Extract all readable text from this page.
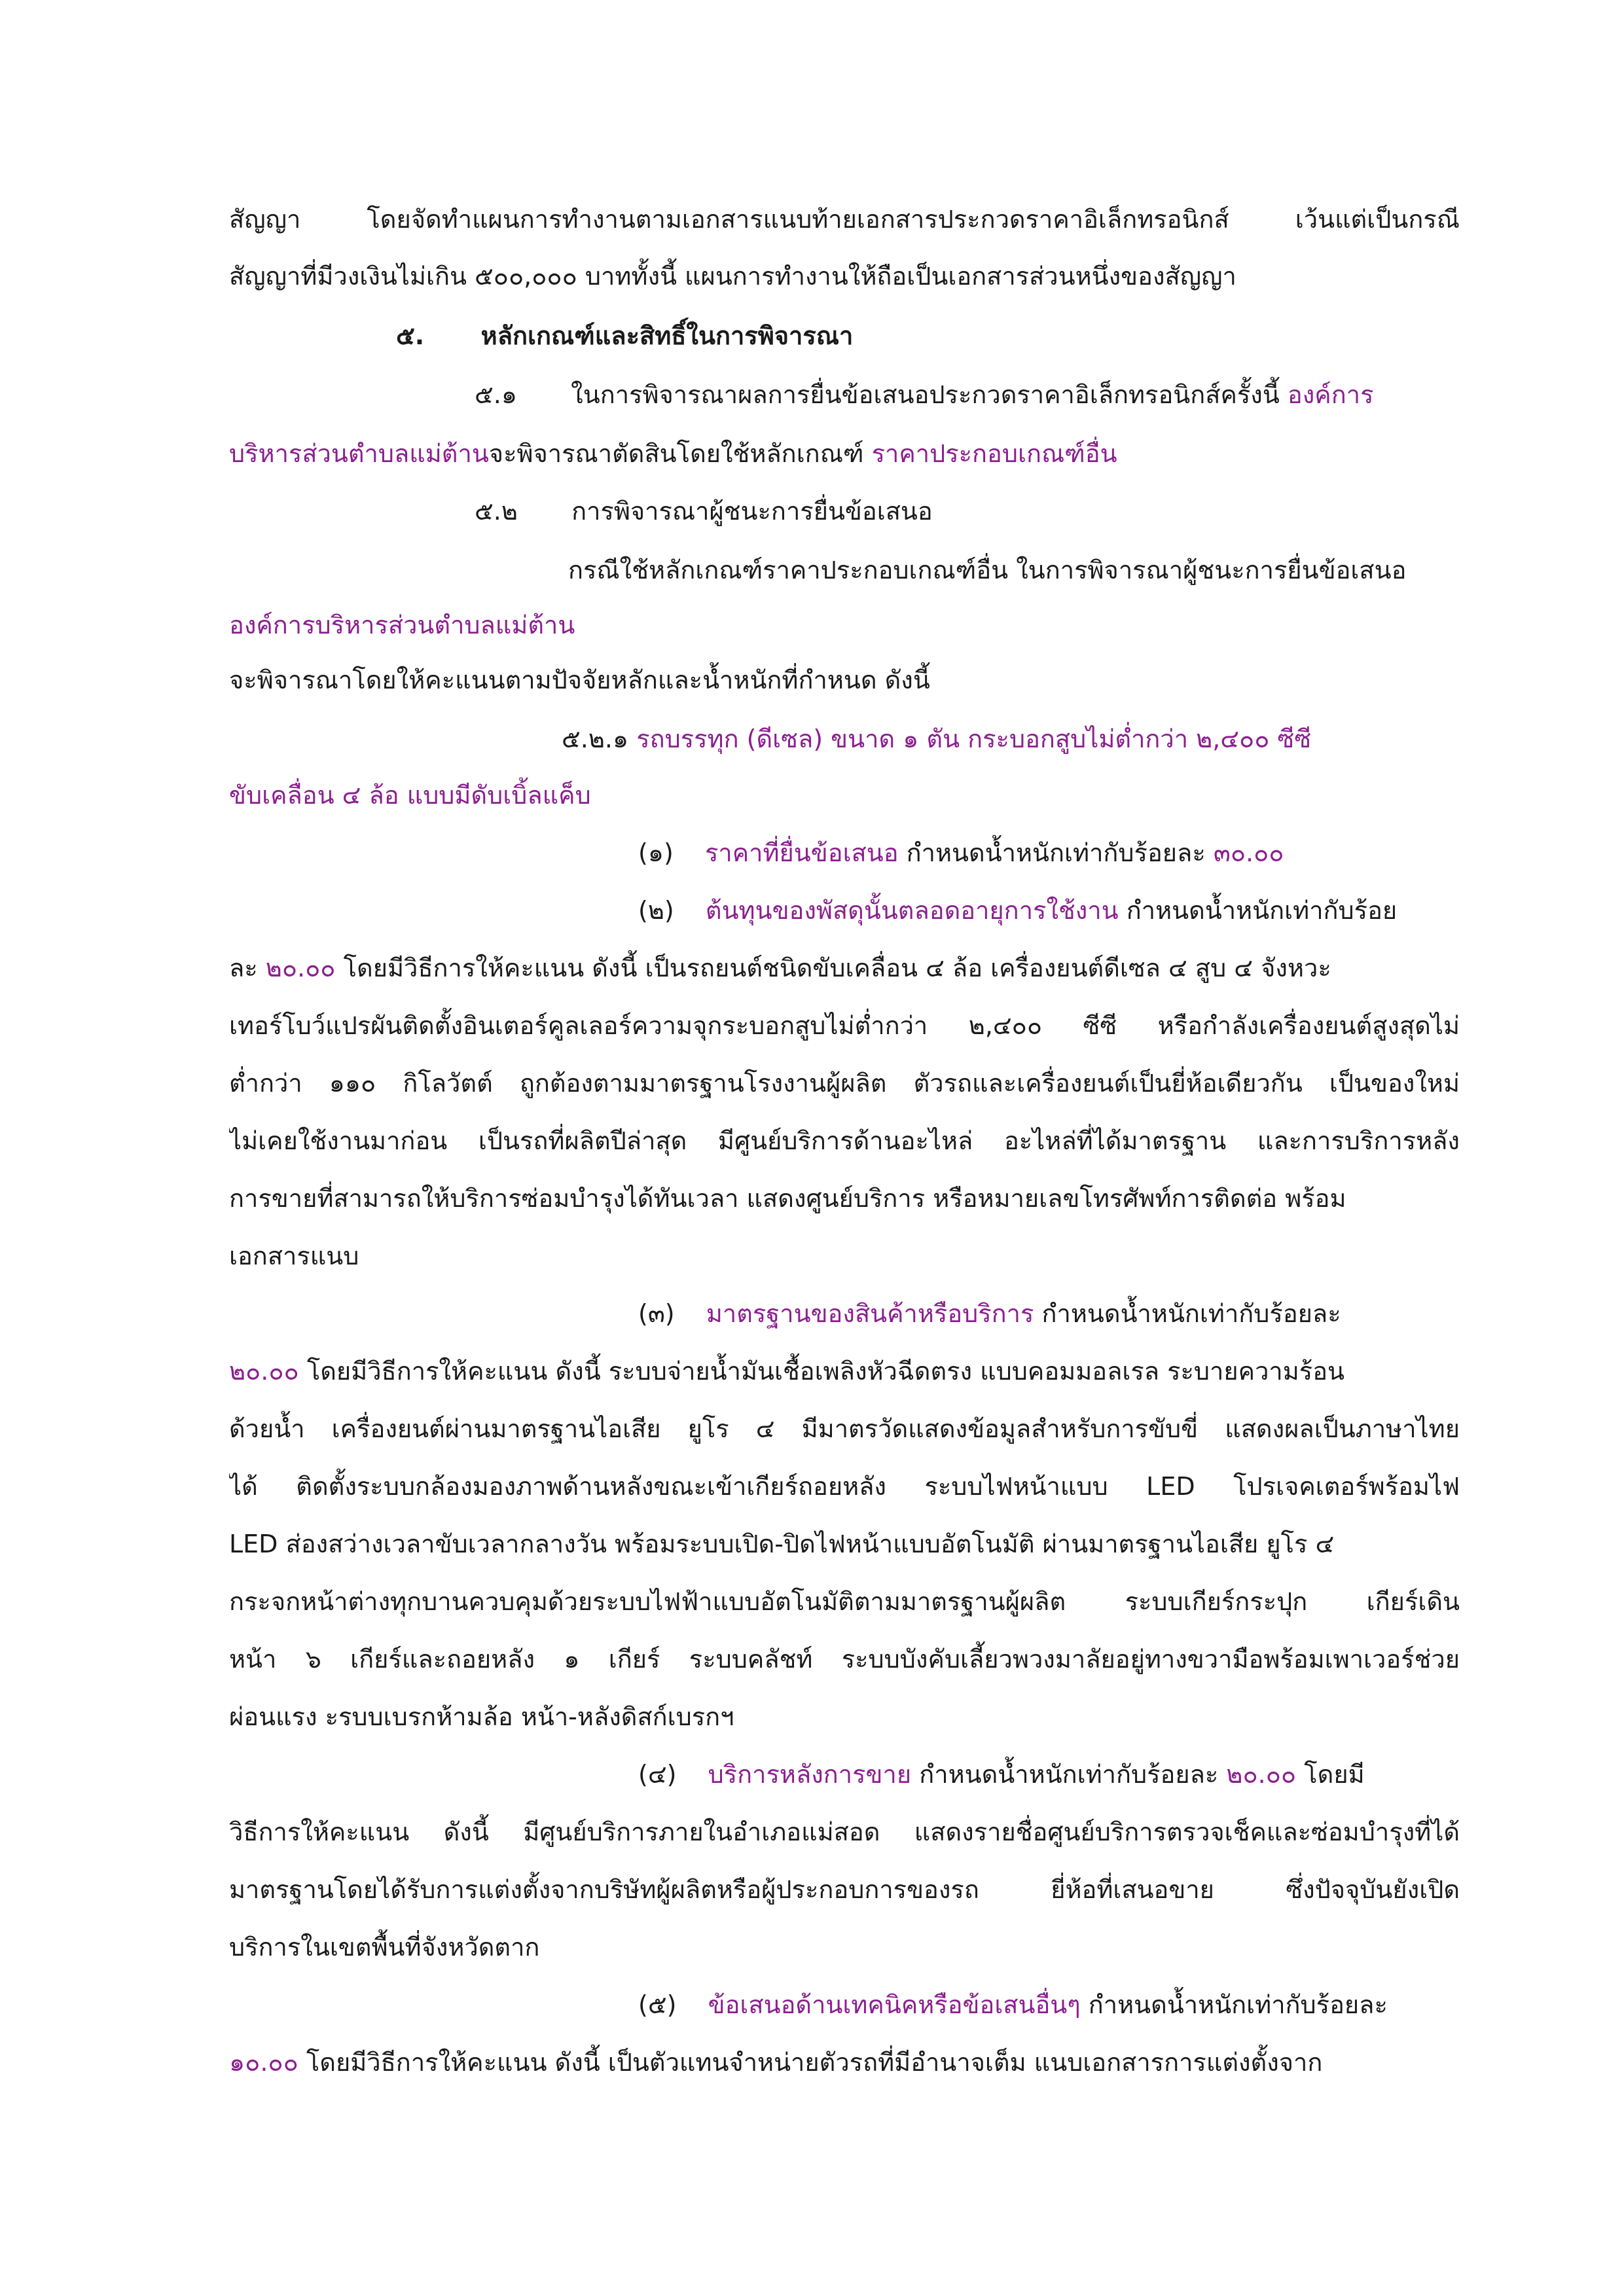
สัญญา โดยจัดทำแผนการทำงานตามเอกสารแนบท้ายเอกสารประกวดราคาอิเล็กทรอนิกส์ เว้นแต่เป็นกรณี
สัญญาที่มีวงเงินไม่เกิน ๕๐๐,๐๐๐ บาททั้งนี้ แผนการทำงานให้ถือเป็นเอกสารส่วนหนึ่งของสัญญา
๕. หลักเกณฑ์และสิทธิ์ในการพิจารณา
๕.๑ ในการพิจารณาผลการยื่นข้อเสนอประกวดราคาอิเล็กทรอนิกส์ครั้งนี้ องค์การ
บริหารส่วนตำบลแม่ต้านจะพิจารณาตัดสินโดยใช้หลักเกณฑ์ ราคาประกอบเกณฑ์อื่น
๕.๒ การพิจารณาผู้ชนะการยื่นข้อเสนอ
กรณีใช้หลักเกณฑ์ราคาประกอบเกณฑ์อื่น ในการพิจารณาผู้ชนะการยื่นข้อเสนอ
องค์การบริหารส่วนตำบลแม่ต้าน
จะพิจารณาโดยให้คะแนนตามปัจจัยหลักและน้ำหนักที่กำหนด ดังนี้
๕.๒.๑ รถบรรทุก (ดีเซล) ขนาด ๑ ตัน กระบอกสูบไม่ต่ำกว่า ๒,๔๐๐ ซีซี
ขับเคลื่อน ๔ ล้อ แบบมีดับเบิ้ลแค็บ
(๑) ราคาที่ยื่นข้อเสนอ กำหนดน้ำหนักเท่ากับร้อยละ ๓๐.๐๐
(๒) ต้นทุนของพัสดุนั้นตลอดอายุการใช้งาน กำหนดน้ำหนักเท่ากับร้อย
ละ ๒๐.๐๐ โดยมีวิธีการให้คะแนน ดังนี้ เป็นรถยนต์ชนิดขับเคลื่อน ๔ ล้อ เครื่องยนต์ดีเซล ๔ สูบ ๔ จังหวะ
เทอร์โบว์แปรผันติดตั้งอินเตอร์คูลเลอร์ความจุกระบอกสูบไม่ต่ำกว่า ๒,๔๐๐ ซีซี หรือกำลังเครื่องยนต์สูงสุดไม่
ต่ำกว่า ๑๑๐ กิโลวัตต์ ถูกต้องตามมาตรฐานโรงงานผู้ผลิต ตัวรถและเครื่องยนต์เป็นยี่ห้อเดียวกัน เป็นของใหม่
ไม่เคยใช้งานมาก่อน เป็นรถที่ผลิตปีล่าสุด มีศูนย์บริการด้านอะไหล่ อะไหล่ที่ได้มาตรฐาน และการบริการหลัง
การขายที่สามารถให้บริการซ่อมบำรุงได้ทันเวลา แสดงศูนย์บริการ หรือหมายเลขโทรศัพท์การติดต่อ พร้อม
เอกสารแนบ
(๓) มาตรฐานของสินค้าหรือบริการ กำหนดน้ำหนักเท่ากับร้อยละ
๒๐.๐๐ โดยมีวิธีการให้คะแนน ดังนี้ ระบบจ่ายน้ำมันเชื้อเพลิงหัวฉีดตรง แบบคอมมอลเรล ระบายความร้อน
ด้วยน้ำ เครื่องยนต์ผ่านมาตรฐานไอเสีย ยูโร ๔ มีมาตรวัดแสดงข้อมูลสำหรับการขับขี่ แสดงผลเป็นภาษาไทย
ได้ ติดตั้งระบบกล้องมองภาพด้านหลังขณะเข้าเกียร์ถอยหลัง ระบบไฟหน้าแบบ LED โปรเจคเตอร์พร้อมไฟ
LED ส่องสว่างเวลาขับเวลากลางวัน พร้อมระบบเปิด-ปิดไฟหน้าแบบอัตโนมัติ ผ่านมาตรฐานไอเสีย ยูโร ๔
กระจกหน้าต่างทุกบานควบคุมด้วยระบบไฟฟ้าแบบอัตโนมัติตามมาตรฐานผู้ผลิต ระบบเกียร์กระปุก เกียร์เดิน
หน้า ๖ เกียร์และถอยหลัง ๑ เกียร์ ระบบคลัชท์ ระบบบังคับเลี้ยวพวงมาลัยอยู่ทางขวามือพร้อมเพาเวอร์ช่วย
ผ่อนแรง ะรบบเบรกห้ามล้อ หน้า-หลังดิสก์เบรกฯ
(๔) บริการหลังการขาย กำหนดน้ำหนักเท่ากับร้อยละ ๒๐.๐๐ โดยมี
วิธีการให้คะแนน ดังนี้ มีศูนย์บริการภายในอำเภอแม่สอด แสดงรายชื่อศูนย์บริการตรวจเช็คและซ่อมบำรุงที่ได้
มาตรฐานโดยได้รับการแต่งตั้งจากบริษัทผู้ผลิตหรือผู้ประกอบการของรถ ยี่ห้อที่เสนอขาย ซึ่งปัจจุบันยังเปิด
บริการในเขตพื้นที่จังหวัดตาก
(๕) ข้อเสนอด้านเทคนิคหรือข้อเสนอื่นๆ กำหนดน้ำหนักเท่ากับร้อยละ
๑๐.๐๐ โดยมีวิธีการให้คะแนน ดังนี้ เป็นตัวแทนจำหน่ายตัวรถที่มีอำนาจเต็ม แนบเอกสารการแต่งตั้งจาก
